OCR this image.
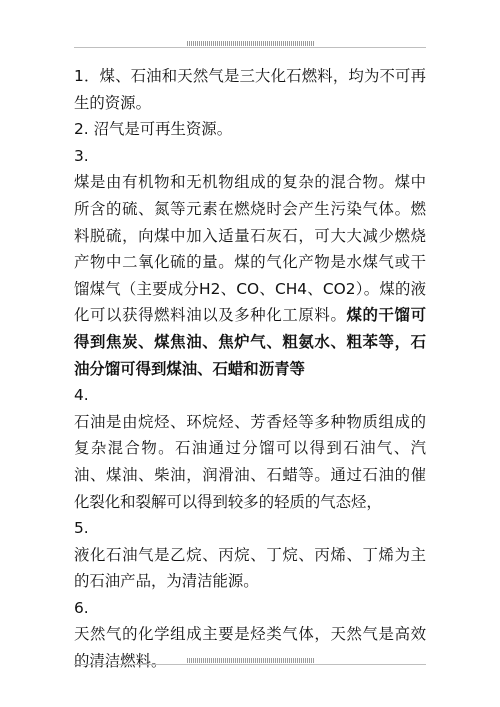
1．煤、石油和天然气是三大化石燃料，均为不可再生的资源。

2. 沼气是可再生资源。

3.

煤是由有机物和无机物组成的复杂的混合物。煤中所含的硫、氮等元素在燃烧时会产生污染气体。燃料脱硫，向煤中加入适量石灰石，可大大减少燃烧产物中二氧化硫的量。煤的气化产物是水煤气或干馏煤气（主要成分H2、CO、CH4、CO2）。煤的液化可以获得燃料油以及多种化工原料。煤的干馏可得到焦炭、煤焦油、焦炉气、粗氨水、粗苯等，石油分馏可得到煤油、石蜡和沥青等

4.

石油是由烷烃、环烷烃、芳香烃等多种物质组成的复杂混合物。石油通过分馏可以得到石油气、汽油、煤油、柴油，润滑油、石蜡等。通过石油的催化裂化和裂解可以得到较多的轻质的气态烃，

5.

液化石油气是乙烷、丙烷、丁烷、丙烯、丁烯为主的石油产品，为清洁能源。

6.

天然气的化学组成主要是烃类气体，天然气是高效的清洁燃料。
